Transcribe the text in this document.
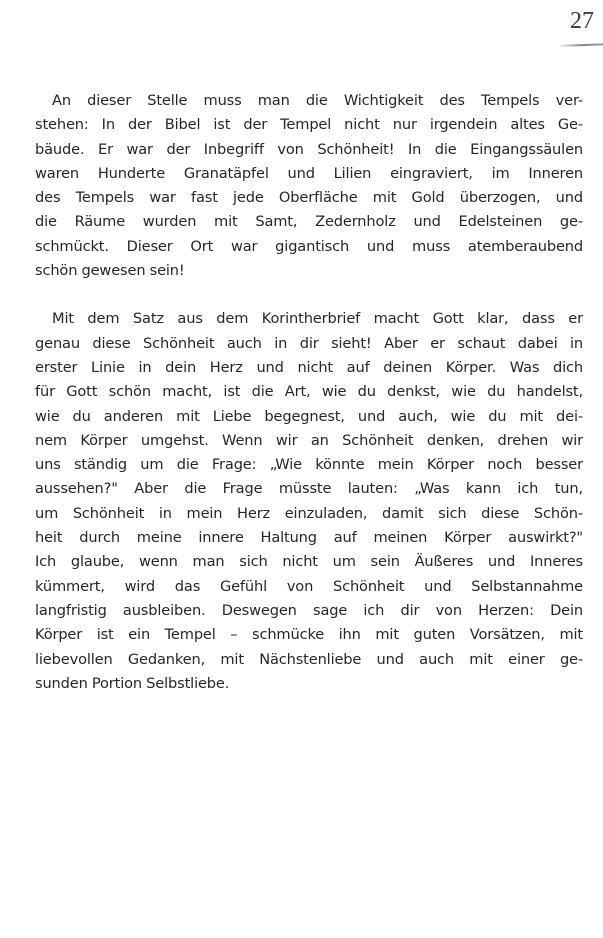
27

An dieser Stelle muss man die Wichtigkeit des Tempels ver-
stehen: In der Bibel ist der Tempel nicht nur irgendein altes Ge-
bäude. Er war der Inbegriff von Schönheit! In die Eingangssäulen
waren Hunderte Granatäpfel und Lilien eingraviert, im Inneren
des Tempels war fast jede Oberfläche mit Gold überzogen, und
die Räume wurden mit Samt, Zedernholz und Edelsteinen ge-
schmückt. Dieser Ort war gigantisch und muss atemberaubend
schön gewesen sein!

Mit dem Satz aus dem Korintherbrief macht Gott klar, dass er
genau diese Schönheit auch in dir sieht! Aber er schaut dabei in
erster Linie in dein Herz und nicht auf deinen Körper. Was dich
für Gott schön macht, ist die Art, wie du denkst, wie du handelst,
wie du anderen mit Liebe begegnest, und auch, wie du mit dei-
nem Körper umgehst. Wenn wir an Schönheit denken, drehen wir
uns ständig um die Frage: „Wie könnte mein Körper noch besser
aussehen?" Aber die Frage müsste lauten: „Was kann ich tun,
um Schönheit in mein Herz einzuladen, damit sich diese Schön-
heit durch meine innere Haltung auf meinen Körper auswirkt?"
Ich glaube, wenn man sich nicht um sein Äußeres und Inneres
kümmert, wird das Gefühl von Schönheit und Selbstannahme
langfristig ausbleiben. Deswegen sage ich dir von Herzen: Dein
Körper ist ein Tempel – schmücke ihn mit guten Vorsätzen, mit
liebevollen Gedanken, mit Nächstenliebe und auch mit einer ge-
sunden Portion Selbstliebe.
